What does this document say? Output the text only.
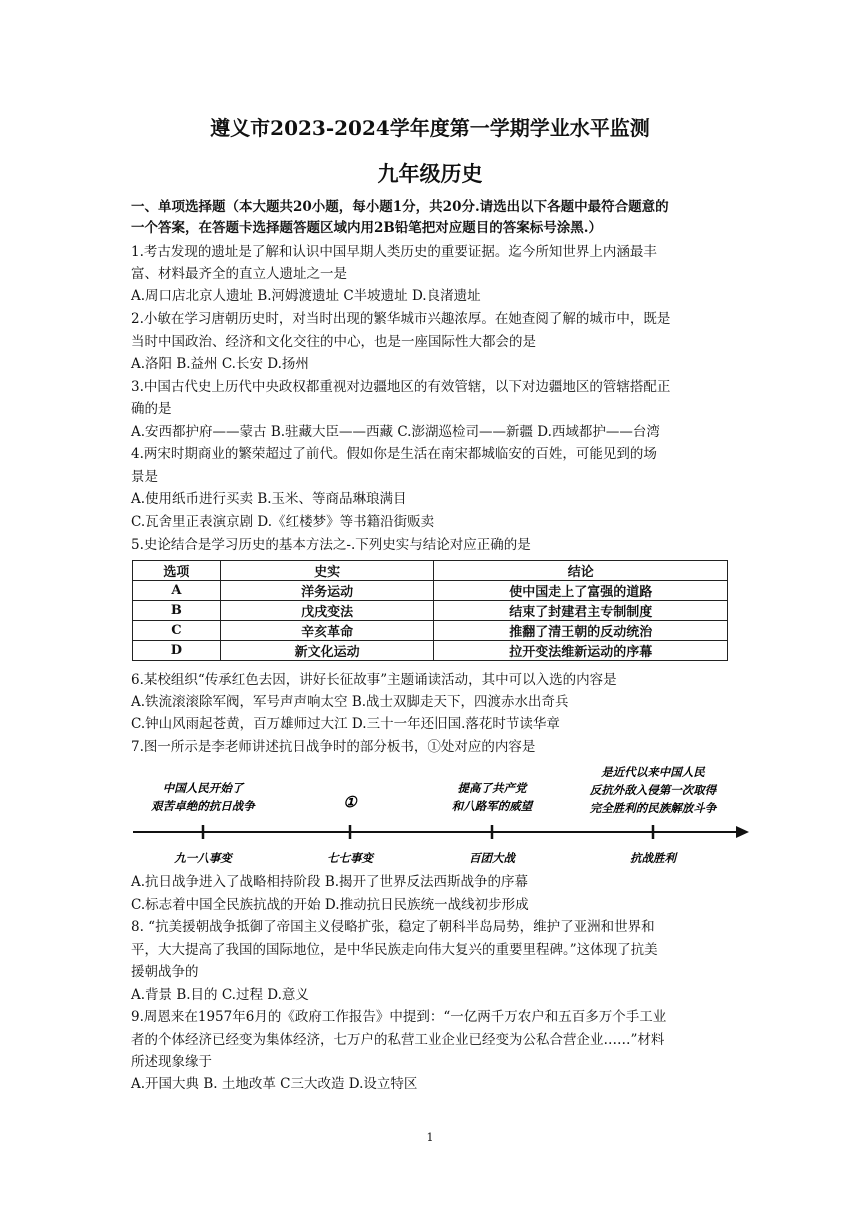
遵义市2023-2024学年度第一学期学业水平监测
九年级历史
一、单项选择题（本大题共20小题，每小题1分，共20分.请选出以下各题中最符合题意的
一个答案，在答题卡选择题答题区域内用2B铅笔把对应题目的答案标号涂黑.）
1.考古发现的遗址是了解和认识中国早期人类历史的重要证据。迄今所知世界上内涵最丰
富、材料最齐全的直立人遗址之一是
A.周口店北京人遗址 B.河姆渡遗址 C半坡遗址 D.良渚遗址
2.小敏在学习唐朝历史时，对当时出现的繁华城市兴趣浓厚。在她查阅了解的城市中，既是
当时中国政治、经济和文化交往的中心，也是一座国际性大都会的是
A.洛阳 B.益州 C.长安 D.扬州
3.中国古代史上历代中央政权都重视对边疆地区的有效管辖，以下对边疆地区的管辖搭配正
确的是
A.安西都护府——蒙古 B.驻藏大臣——西藏 C.澎湖巡检司——新疆 D.西域都护——台湾
4.两宋时期商业的繁荣超过了前代。假如你是生活在南宋都城临安的百姓，可能见到的场
景是
A.使用纸币进行买卖 B.玉米、等商品琳琅满目
C.瓦舍里正表演京剧 D.《红楼梦》等书籍沿街贩卖
5.史论结合是学习历史的基本方法之-.下列史实与结论对应正确的是
选项	史实	结论
A	洋务运动	使中国走上了富强的道路
B	戊戌变法	结束了封建君主专制制度
C	辛亥革命	推翻了清王朝的反动统治
D	新文化运动	拉开变法维新运动的序幕
6.某校组织“传承红色去因，讲好长征故事”主题诵读活动，其中可以入选的内容是
A.铁流滚滚除军阀，军号声声响太空 B.战士双脚走天下，四渡赤水出奇兵
C.钟山风雨起苍黄，百万雄师过大江 D.三十一年还旧国.落花时节读华章
7.图一所示是李老师讲述抗日战争时的部分板书，①处对应的内容是
中国人民开始了
艰苦卓绝的抗日战争	①
提高了共产党
和八路军的威望
是近代以来中国人民
反抗外敌入侵第一次取得
完全胜利的民族解放斗争
九一八事变	七七事变	百团大战	抗战胜利
A.抗日战争进入了战略相持阶段 B.揭开了世界反法西斯战争的序幕
C.标志着中国全民族抗战的开始 D.推动抗日民族统一战线初步形成
8. “抗美援朝战争抵御了帝国主义侵略扩张，稳定了朝科半岛局势，维护了亚洲和世界和
平，大大提高了我国的国际地位，是中华民族走向伟大复兴的重要里程碑。”这体现了抗美
援朝战争的
A.背景 B.目的 C.过程 D.意义
9.周恩来在1957年6月的《政府工作报告》中提到：“一亿两千万农户和五百多万个手工业
者的个体经济已经变为集体经济，七万户的私营工业企业已经变为公私合营企业……”材料
所述现象缘于
A.开国大典 B. 土地改革 C三大改造 D.设立特区
1
